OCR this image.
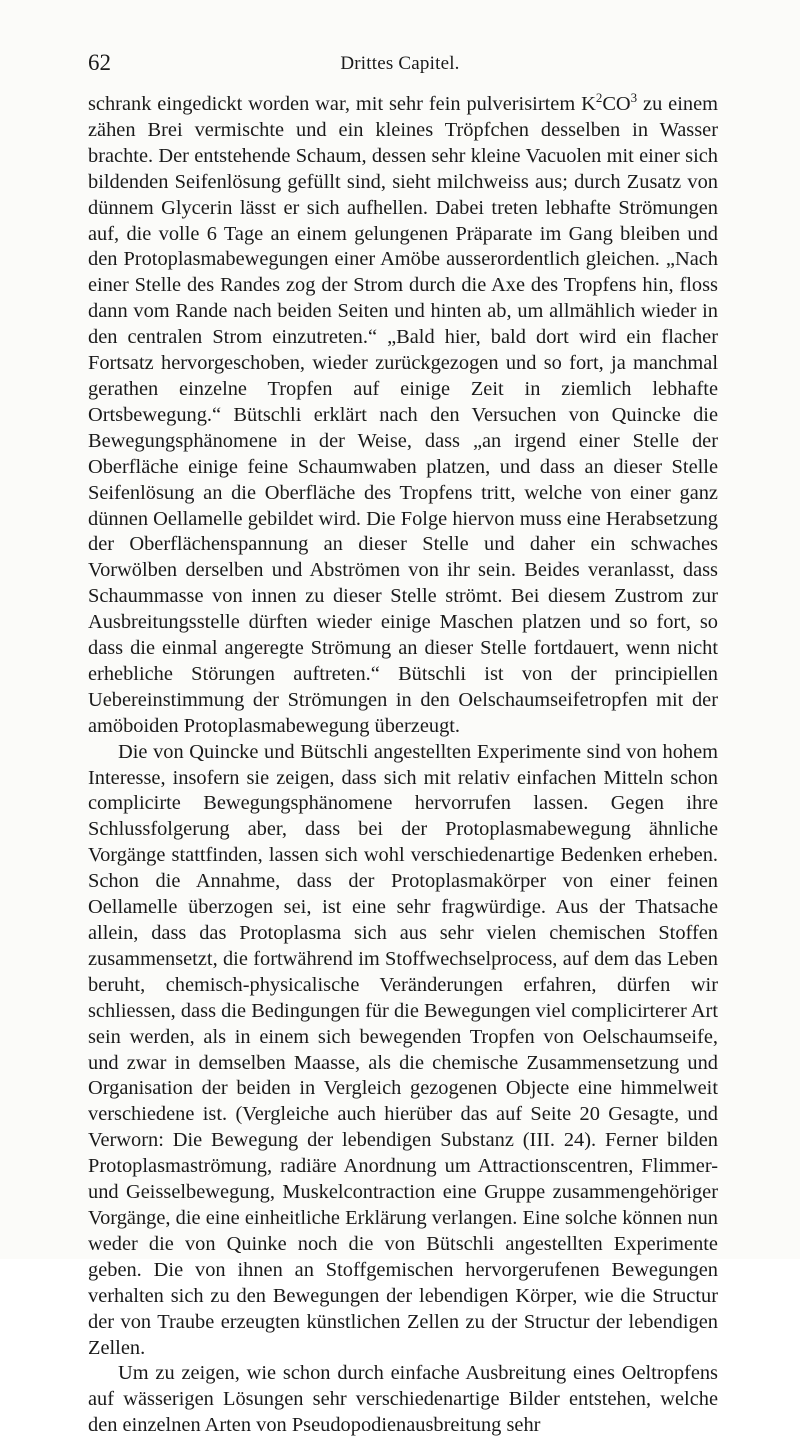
62	Drittes Capitel.

schrank eingedickt worden war, mit sehr fein pulverisirtem $K^2CO^3$ zu einem zähen Brei vermischte und ein kleines Tröpfchen desselben in Wasser brachte. Der entstehende Schaum, dessen sehr kleine Vacuolen mit einer sich bildenden Seifenlösung gefüllt sind, sieht milchweiss aus; durch Zusatz von dünnem Glycerin lässt er sich aufhellen. Dabei treten lebhafte Strömungen auf, die volle 6 Tage an einem gelungenen Präparate im Gang bleiben und den Protoplasmabewegungen einer Amöbe ausserordentlich gleichen. „Nach einer Stelle des Randes zog der Strom durch die Axe des Tropfens hin, floss dann vom Rande nach beiden Seiten und hinten ab, um allmählich wieder in den centralen Strom einzutreten.“ „Bald hier, bald dort wird ein flacher Fortsatz hervorgeschoben, wieder zurückgezogen und so fort, ja manchmal gerathen einzelne Tropfen auf einige Zeit in ziemlich lebhafte Ortsbewegung.“ Bütschli erklärt nach den Versuchen von Quincke die Bewegungsphänomene in der Weise, dass „an irgend einer Stelle der Oberfläche einige feine Schaumwaben platzen, und dass an dieser Stelle Seifenlösung an die Oberfläche des Tropfens tritt, welche von einer ganz dünnen Oellamelle gebildet wird. Die Folge hiervon muss eine Herabsetzung der Oberflächenspannung an dieser Stelle und daher ein schwaches Vorwölben derselben und Abströmen von ihr sein. Beides veranlasst, dass Schaummasse von innen zu dieser Stelle strömt. Bei diesem Zustrom zur Ausbreitungsstelle dürften wieder einige Maschen platzen und so fort, so dass die einmal angeregte Strömung an dieser Stelle fortdauert, wenn nicht erhebliche Störungen auftreten.“ Bütschli ist von der principiellen Uebereinstimmung der Strömungen in den Oelschaumseifetropfen mit der amöboiden Protoplasmabewegung überzeugt.

Die von Quincke und Bütschli angestellten Experimente sind von hohem Interesse, insofern sie zeigen, dass sich mit relativ einfachen Mitteln schon complicirte Bewegungsphänomene hervorrufen lassen. Gegen ihre Schlussfolgerung aber, dass bei der Protoplasmabewegung ähnliche Vorgänge stattfinden, lassen sich wohl verschiedenartige Bedenken erheben. Schon die Annahme, dass der Protoplasmakörper von einer feinen Oellamelle überzogen sei, ist eine sehr fragwürdige. Aus der Thatsache allein, dass das Protoplasma sich aus sehr vielen chemischen Stoffen zusammensetzt, die fortwährend im Stoffwechselprocess, auf dem das Leben beruht, chemisch-physicalische Veränderungen erfahren, dürfen wir schliessen, dass die Bedingungen für die Bewegungen viel complicirterer Art sein werden, als in einem sich bewegenden Tropfen von Oelschaumseife, und zwar in demselben Maasse, als die chemische Zusammensetzung und Organisation der beiden in Vergleich gezogenen Objecte eine himmelweit verschiedene ist. (Vergleiche auch hierüber das auf Seite 20 Gesagte, und Verworn: Die Bewegung der lebendigen Substanz (III. 24). Ferner bilden Protoplasmaströmung, radiäre Anordnung um Attractionscentren, Flimmer- und Geisselbewegung, Muskelcontraction eine Gruppe zusammengehöriger Vorgänge, die eine einheitliche Erklärung verlangen. Eine solche können nun weder die von Quinke noch die von Bütschli angestellten Experimente geben. Die von ihnen an Stoffgemischen hervorgerufenen Bewegungen verhalten sich zu den Bewegungen der lebendigen Körper, wie die Structur der von Traube erzeugten künstlichen Zellen zu der Structur der lebendigen Zellen.

Um zu zeigen, wie schon durch einfache Ausbreitung eines Oeltropfens auf wässerigen Lösungen sehr verschiedenartige Bilder entstehen, welche den einzelnen Arten von Pseudopodienausbreitung sehr
